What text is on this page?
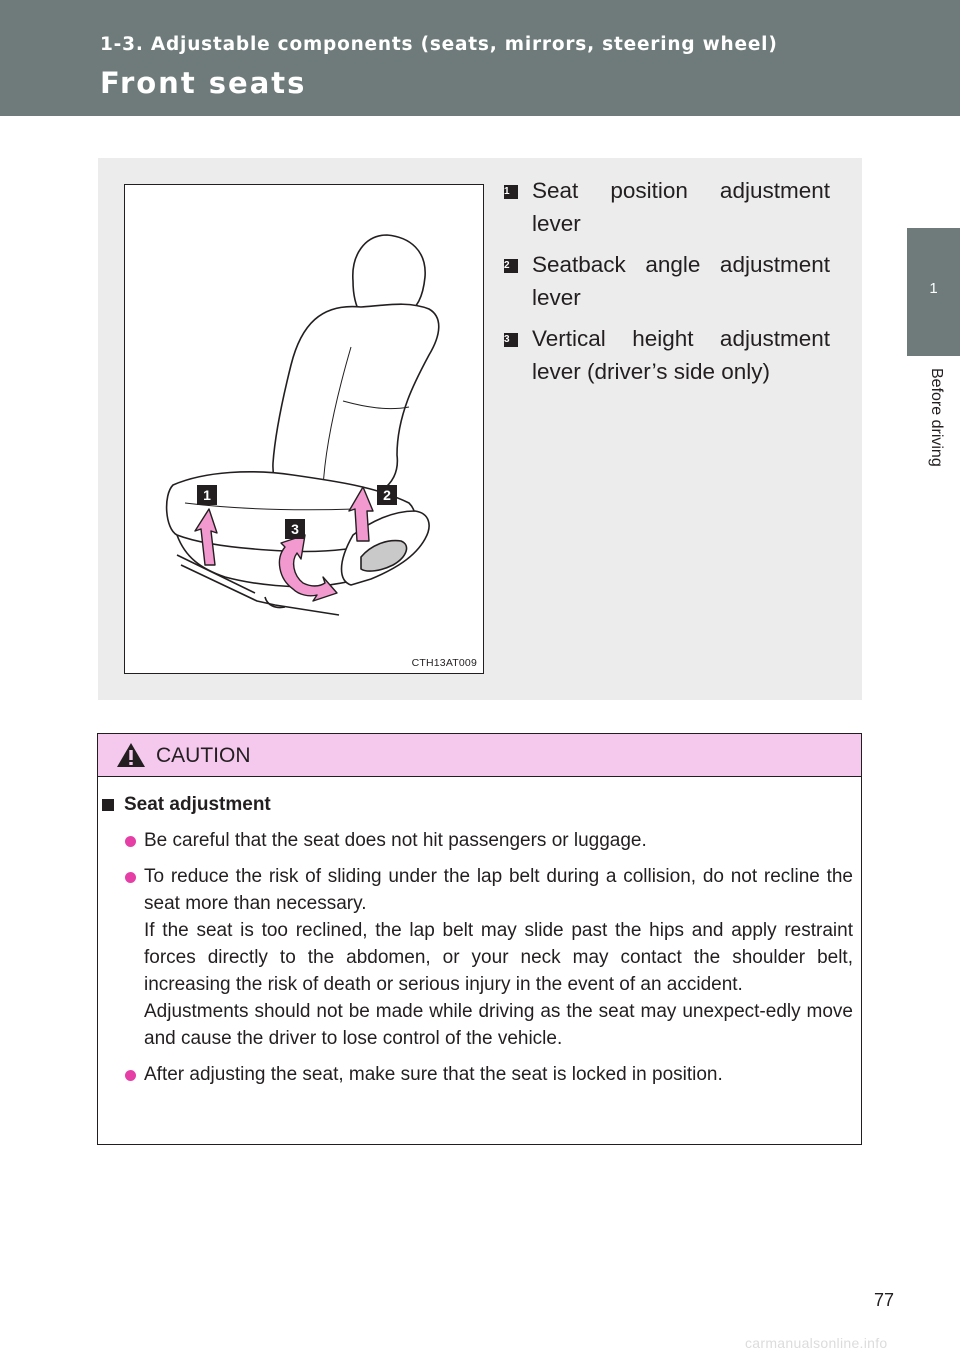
1-3. Adjustable components (seats, mirrors, steering wheel)
Front seats
1
Before driving
1	2
3
CTH13AT009
1 Seat position adjustment lever
2 Seatback angle adjustment lever
3 Vertical height adjustment lever (driver’s side only)
CAUTION
Seat adjustment
Be careful that the seat does not hit passengers or luggage.
To reduce the risk of sliding under the lap belt during a collision, do not recline the seat more than necessary.
If the seat is too reclined, the lap belt may slide past the hips and apply restraint forces directly to the abdomen, or your neck may contact the shoulder belt, increasing the risk of death or serious injury in the event of an accident.
Adjustments should not be made while driving as the seat may unexpect-edly move and cause the driver to lose control of the vehicle.
After adjusting the seat, make sure that the seat is locked in position.
77
carmanualsonline.info
